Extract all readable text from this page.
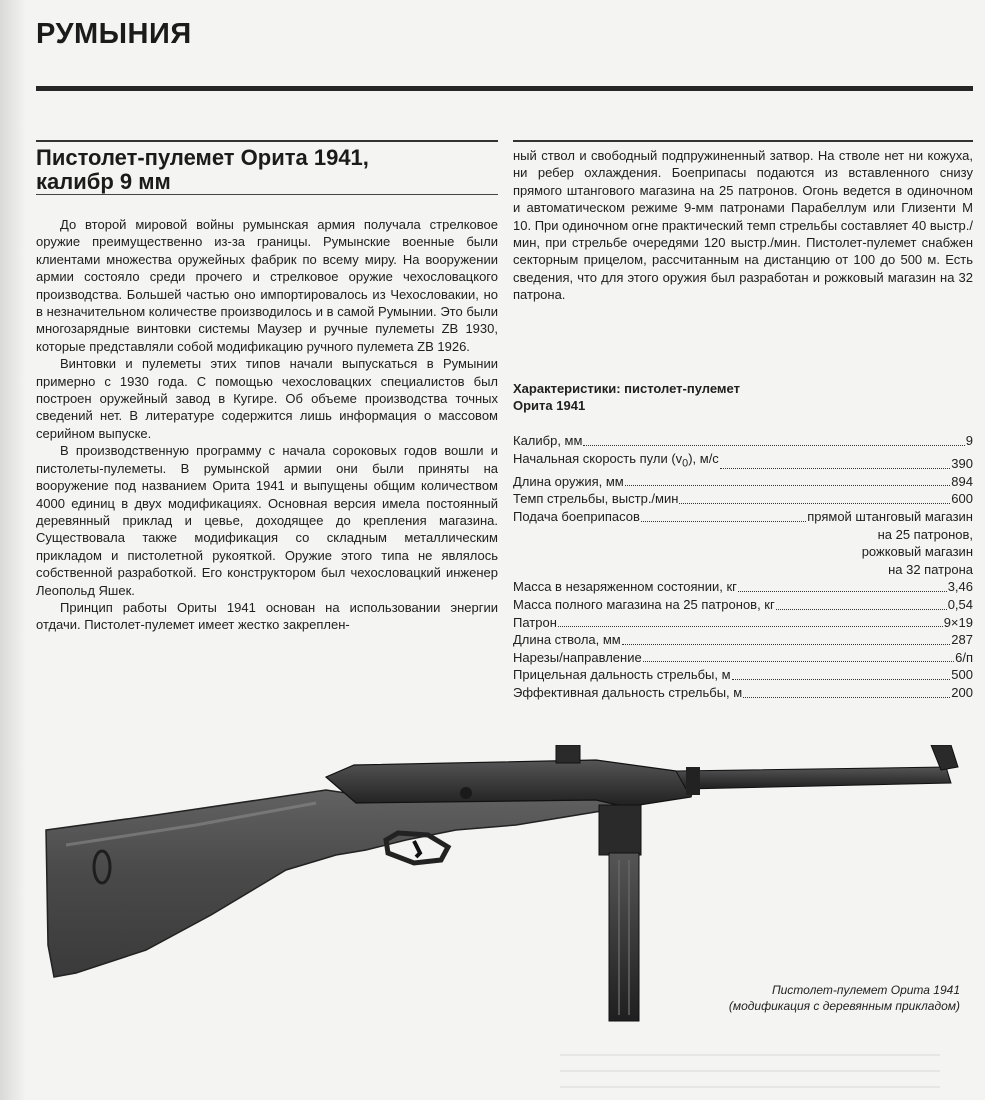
РУМЫНИЯ
Пистолет-пулемет Орита 1941,
калибр 9 мм

До второй мировой войны румынская армия получала стрелковое оружие преимущественно из-за границы. Румынские военные были клиентами множества оружейных фабрик по всему миру. На вооружении армии состояло среди прочего и стрелковое оружие чехословацкого производства. Большей частью оно импортировалось из Чехословакии, но в незначительном количестве производилось и в самой Румынии. Это были многозарядные винтовки системы Маузер и ручные пулеметы ZB 1930, которые представляли собой модификацию ручного пулемета ZB 1926.

Винтовки и пулеметы этих типов начали выпускаться в Румынии примерно с 1930 года. С помощью чехословацких специалистов был построен оружейный завод в Кугире. Об объеме производства точных сведений нет. В литературе содержится лишь информация о массовом серийном выпуске.

В производственную программу с начала сороковых годов вошли и пистолеты-пулеметы. В румынской армии они были приняты на вооружение под названием Орита 1941 и выпущены общим количеством 4000 единиц в двух модификациях. Основная версия имела постоянный деревянный приклад и цевье, доходящее до крепления магазина. Существовала также модификация со складным металлическим прикладом и пистолетной рукояткой. Оружие этого типа не являлось собственной разработкой. Его конструктором был чехословацкий инженер Леопольд Яшек.

Принцип работы Ориты 1941 основан на использовании энергии отдачи. Пистолет-пулемет имеет жестко закреплен-

ный ствол и свободный подпружиненный затвор. На стволе нет ни кожуха, ни ребер охлаждения. Боеприпасы подаются из вставленного снизу прямого штангового магазина на 25 патронов. Огонь ведется в одиночном и автоматическом режиме 9-мм патронами Парабеллум или Глизенти М 10. При одиночном огне практический темп стрельбы составляет 40 выстр./мин, при стрельбе очередями 120 выстр./мин. Пистолет-пулемет снабжен секторным прицелом, рассчитанным на дистанцию от 100 до 500 м. Есть сведения, что для этого оружия был разработан и рожковый магазин на 32 патрона.

Характеристики: пистолет-пулемет
Орита 1941
Калибр, мм	9
Начальная скорость пули $(v_0)$, м/с	390
Длина оружия, мм	894
Темп стрельбы, выстр./мин	600
Подача боеприпасов	прямой штанговый магазин
на 25 патронов,
рожковый магазин
на 32 патрона
Масса в незаряженном состоянии, кг	3,46
Масса полного магазина на 25 патронов, кг	0,54
Патрон	9×19
Длина ствола, мм	287
Нарезы/направление	6/п
Прицельная дальность стрельбы, м	500
Эффективная дальность стрельбы, м	200
Пистолет-пулемет Орита 1941
(модификация с деревянным прикладом)
